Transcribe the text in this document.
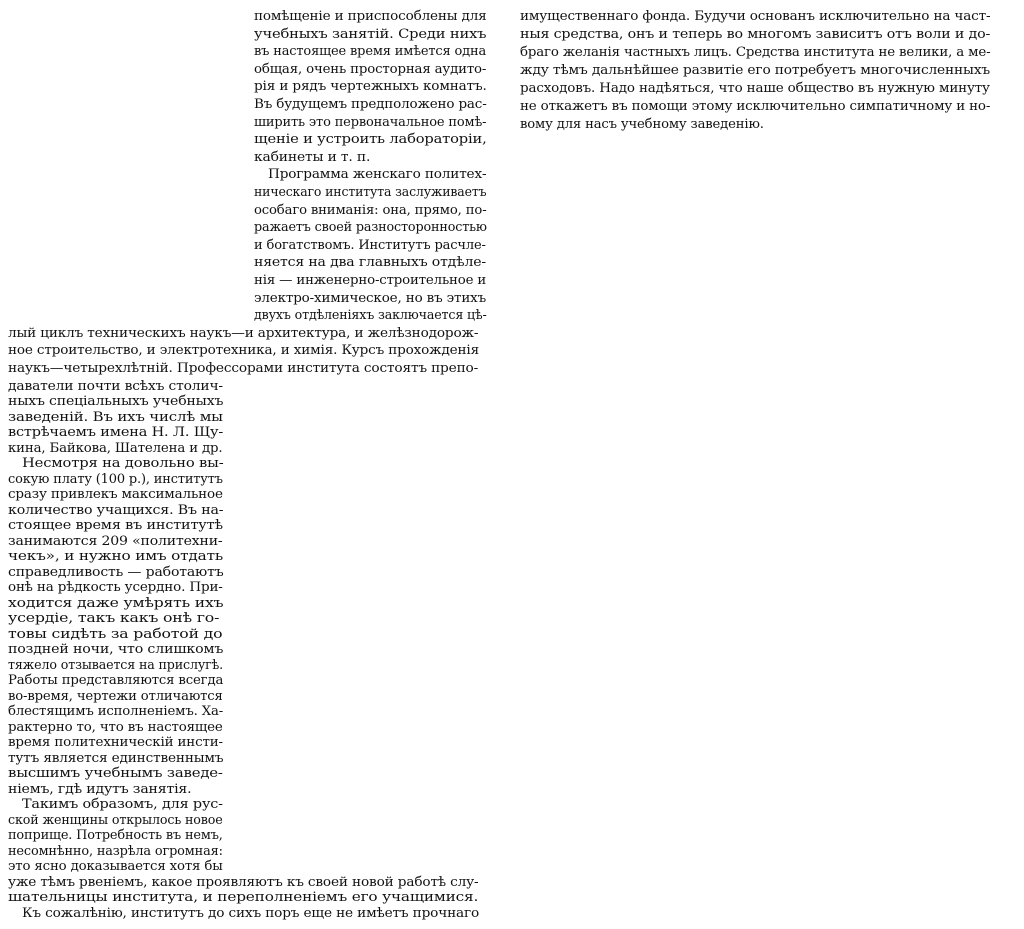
помѣщеніе и приспособлены для
учебныхъ занятій. Среди нихъ
въ настоящее время имѣется одна
общая, очень просторная аудито-
рія и рядъ чертежныхъ комнатъ.
Въ будущемъ предположено рас-
ширить это первоначальное помѣ-
щеніе и устроить лабораторіи,
кабинеты и т. п.
Программа женскаго политех-
ническаго института заслуживаетъ
особаго вниманія: она, прямо, по-
ражаетъ своей разносторонностью
и богатствомъ. Институтъ расчле-
няется на два главныхъ отдѣле-
нія — инженерно-строительное и
электро-химическое, но въ этихъ
двухъ отдѣленіяхъ заключается цѣ-
имущественнаго фонда. Будучи основанъ исключительно на част-
ныя средства, онъ и теперь во многомъ зависитъ отъ воли и до-
браго желанія частныхъ лицъ. Средства института не велики, а ме-
жду тѣмъ дальнѣйшее развитіе его потребуетъ многочисленныхъ
расходовъ. Надо надѣяться, что наше общество въ нужную минуту
не откажетъ въ помощи этому исключительно симпатичному и но-
вому для насъ учебному заведенію.
лый циклъ техническихъ наукъ—и архитектура, и желѣзнодорож-
ное строительство, и электротехника, и химія. Курсъ прохожденія
наукъ—четырехлѣтній. Профессорами института состоятъ препо-
даватели почти всѣхъ столич-
ныхъ спеціальныхъ учебныхъ
заведеній. Въ ихъ числѣ мы
встрѣчаемъ имена Н. Л. Щу-
кина, Байкова, Шателена и др.
Несмотря на довольно вы-
сокую плату (100 р.), институтъ
сразу привлекъ максимальное
количество учащихся. Въ на-
стоящее время въ институтѣ
занимаются 209 «политехни-
чекъ», и нужно имъ отдать
справедливость — работаютъ
онѣ на рѣдкость усердно. При-
ходится даже умѣрять ихъ
усердіе, такъ какъ онѣ го-
товы сидѣть за работой до
поздней ночи, что слишкомъ
тяжело отзывается на прислугѣ.
Работы представляются всегда
во-время, чертежи отличаются
блестящимъ исполненіемъ. Ха-
рактерно то, что въ настоящее
время политехническій инсти-
тутъ является единственнымъ
высшимъ учебнымъ заведе-
ніемъ, гдѣ идутъ занятія.
Такимъ образомъ, для рус-
ской женщины открылось новое
поприще. Потребность въ немъ,
несомнѣнно, назрѣла огромная:
это ясно доказывается хотя бы
уже тѣмъ рвеніемъ, какое проявляютъ къ своей новой работѣ слу-
шательницы института, и переполненіемъ его учащимися.
Къ сожалѣнію, институтъ до сихъ поръ еще не имѣетъ прочнаго
